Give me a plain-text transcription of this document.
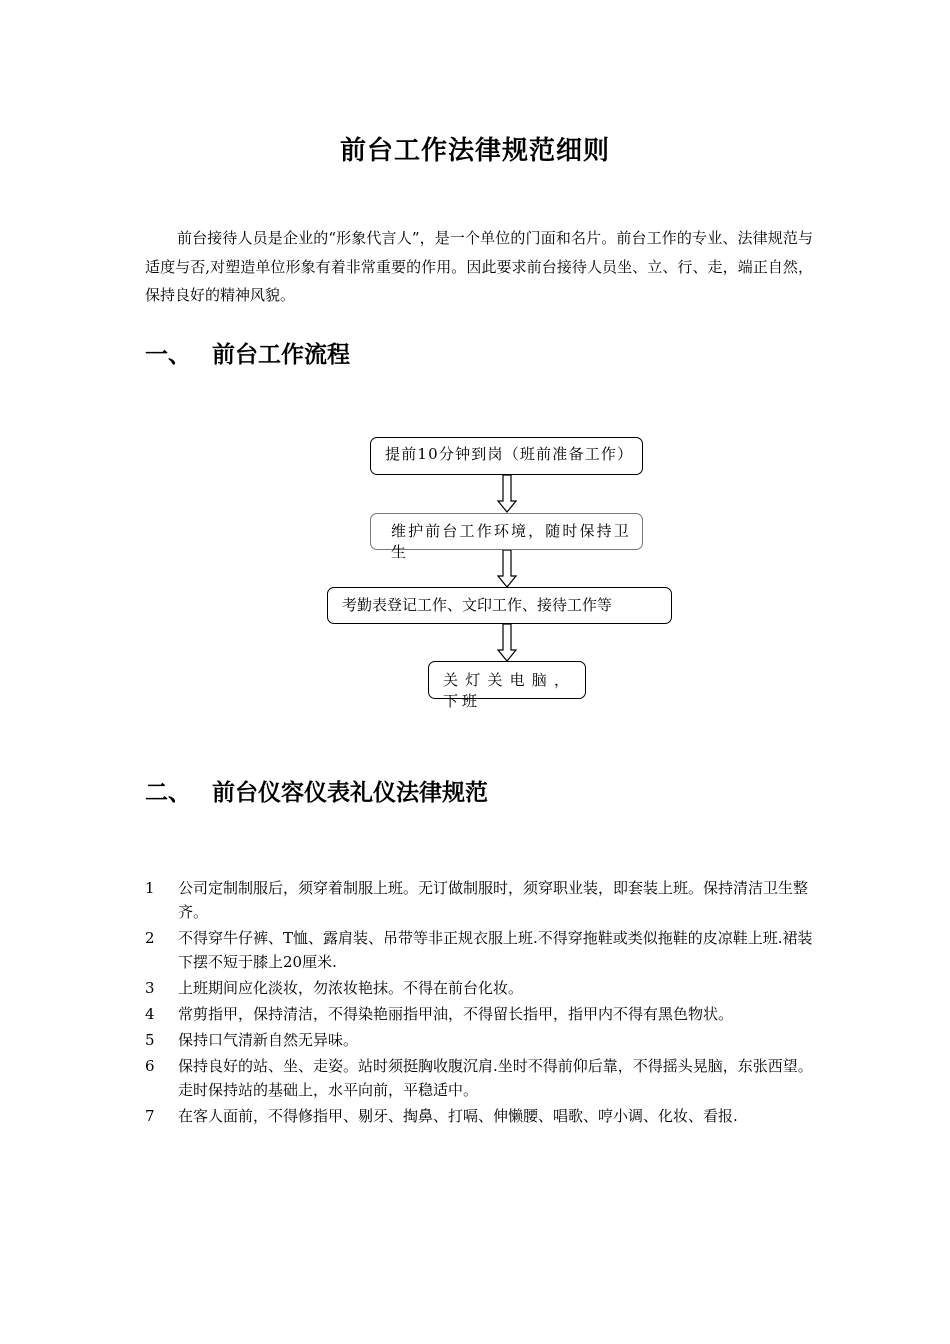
前台工作法律规范细则

前台接待人员是企业的“形象代言人”，是一个单位的门面和名片。前台工作的专业、法律规范与适度与否,对塑造单位形象有着非常重要的作用。因此要求前台接待人员坐、立、行、走，端正自然，保持良好的精神风貌。

一、 前台工作流程
提前10分钟到岗（班前准备工作）
维护前台工作环境，随时保持卫生
考勤表登记工作、文印工作、接待工作等
关灯关电脑，下班
二、 前台仪容仪表礼仪法律规范
1 公司定制制服后，须穿着制服上班。无订做制服时，须穿职业装，即套装上班。保持清洁卫生整齐。
2 不得穿牛仔裤、T恤、露肩装、吊带等非正规衣服上班.不得穿拖鞋或类似拖鞋的皮凉鞋上班.裙装下摆不短于膝上20厘米.
3 上班期间应化淡妆，勿浓妆艳抹。不得在前台化妆。
4 常剪指甲，保持清洁，不得染艳丽指甲油，不得留长指甲，指甲内不得有黑色物状。
5 保持口气清新自然无异味。
6 保持良好的站、坐、走姿。站时须挺胸收腹沉肩.坐时不得前仰后靠，不得摇头晃脑，东张西望。走时保持站的基础上，水平向前，平稳适中。
7 在客人面前，不得修指甲、剔牙、掏鼻、打嗝、伸懒腰、唱歌、哼小调、化妆、看报.
